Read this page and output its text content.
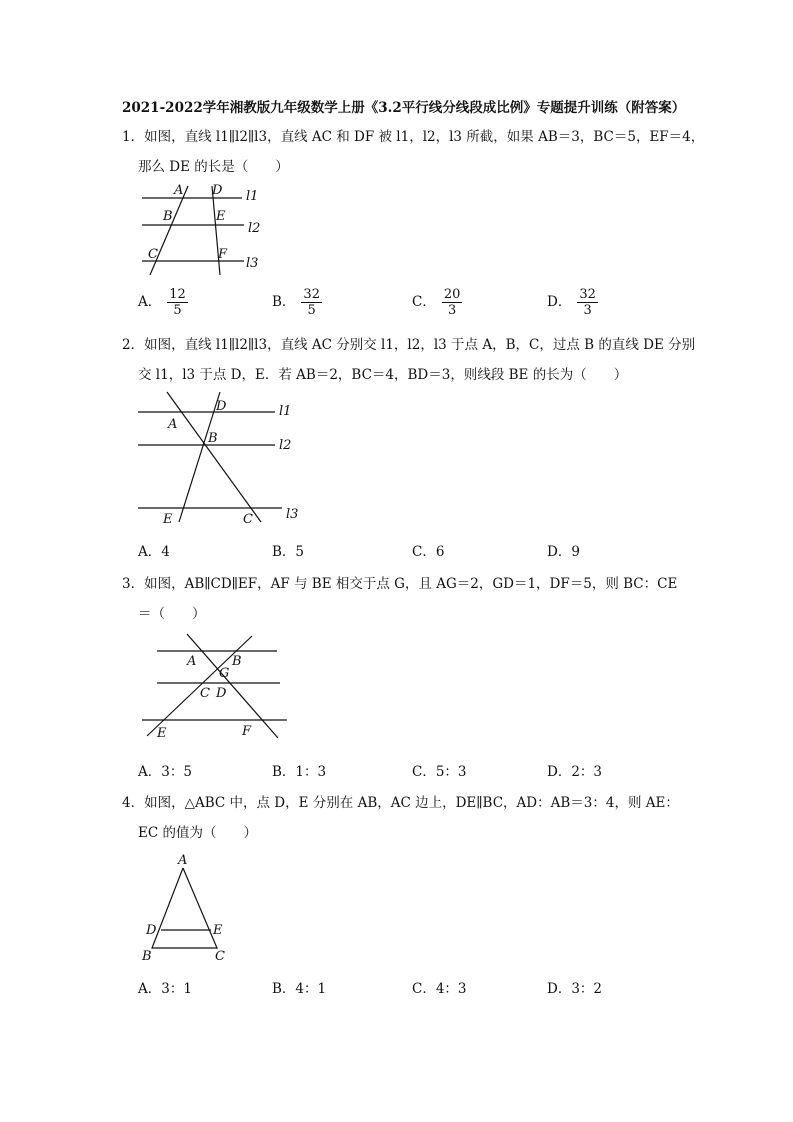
2021-2022学年湘教版九年级数学上册《3.2平行线分线段成比例》专题提升训练（附答案）
1．如图，直线 l1∥l2∥l3，直线 AC 和 DF 被 l1，l2，l3 所截，如果 AB＝3，BC＝5，EF＝4，
那么 DE 的长是（　　）
A D l1
B	E
l2
C	F
l3
A． $\frac{12}{5}$	B． $\frac{32}{5}$	C． $\frac{20}{3}$	D． $\frac{32}{3}$
2．如图，直线 l1∥l2∥l3，直线 AC 分别交 l1，l2，l3 于点 A，B，C，过点 B 的直线 DE 分别
交 l1，l3 于点 D，E．若 AB＝2，BC＝4，BD＝3，则线段 BE 的长为（　　）
D	l1
A
B	l2
E	C	l3
A．4	B．5	C．6	D．9
3．如图，AB∥CD∥EF，AF 与 BE 相交于点 G，且 AG＝2，GD＝1，DF＝5，则 BC：CE
＝（　　）
A	B
G
C D
E	F
A．3：5	B．1：3	C．5：3	D．2：3
4．如图，△ABC 中，点 D，E 分别在 AB，AC 边上，DE∥BC，AD：AB＝3：4，则 AE：
EC 的值为（　　）
A
D	E
B	C
A．3：1	B．4：1	C．4：3	D．3：2
